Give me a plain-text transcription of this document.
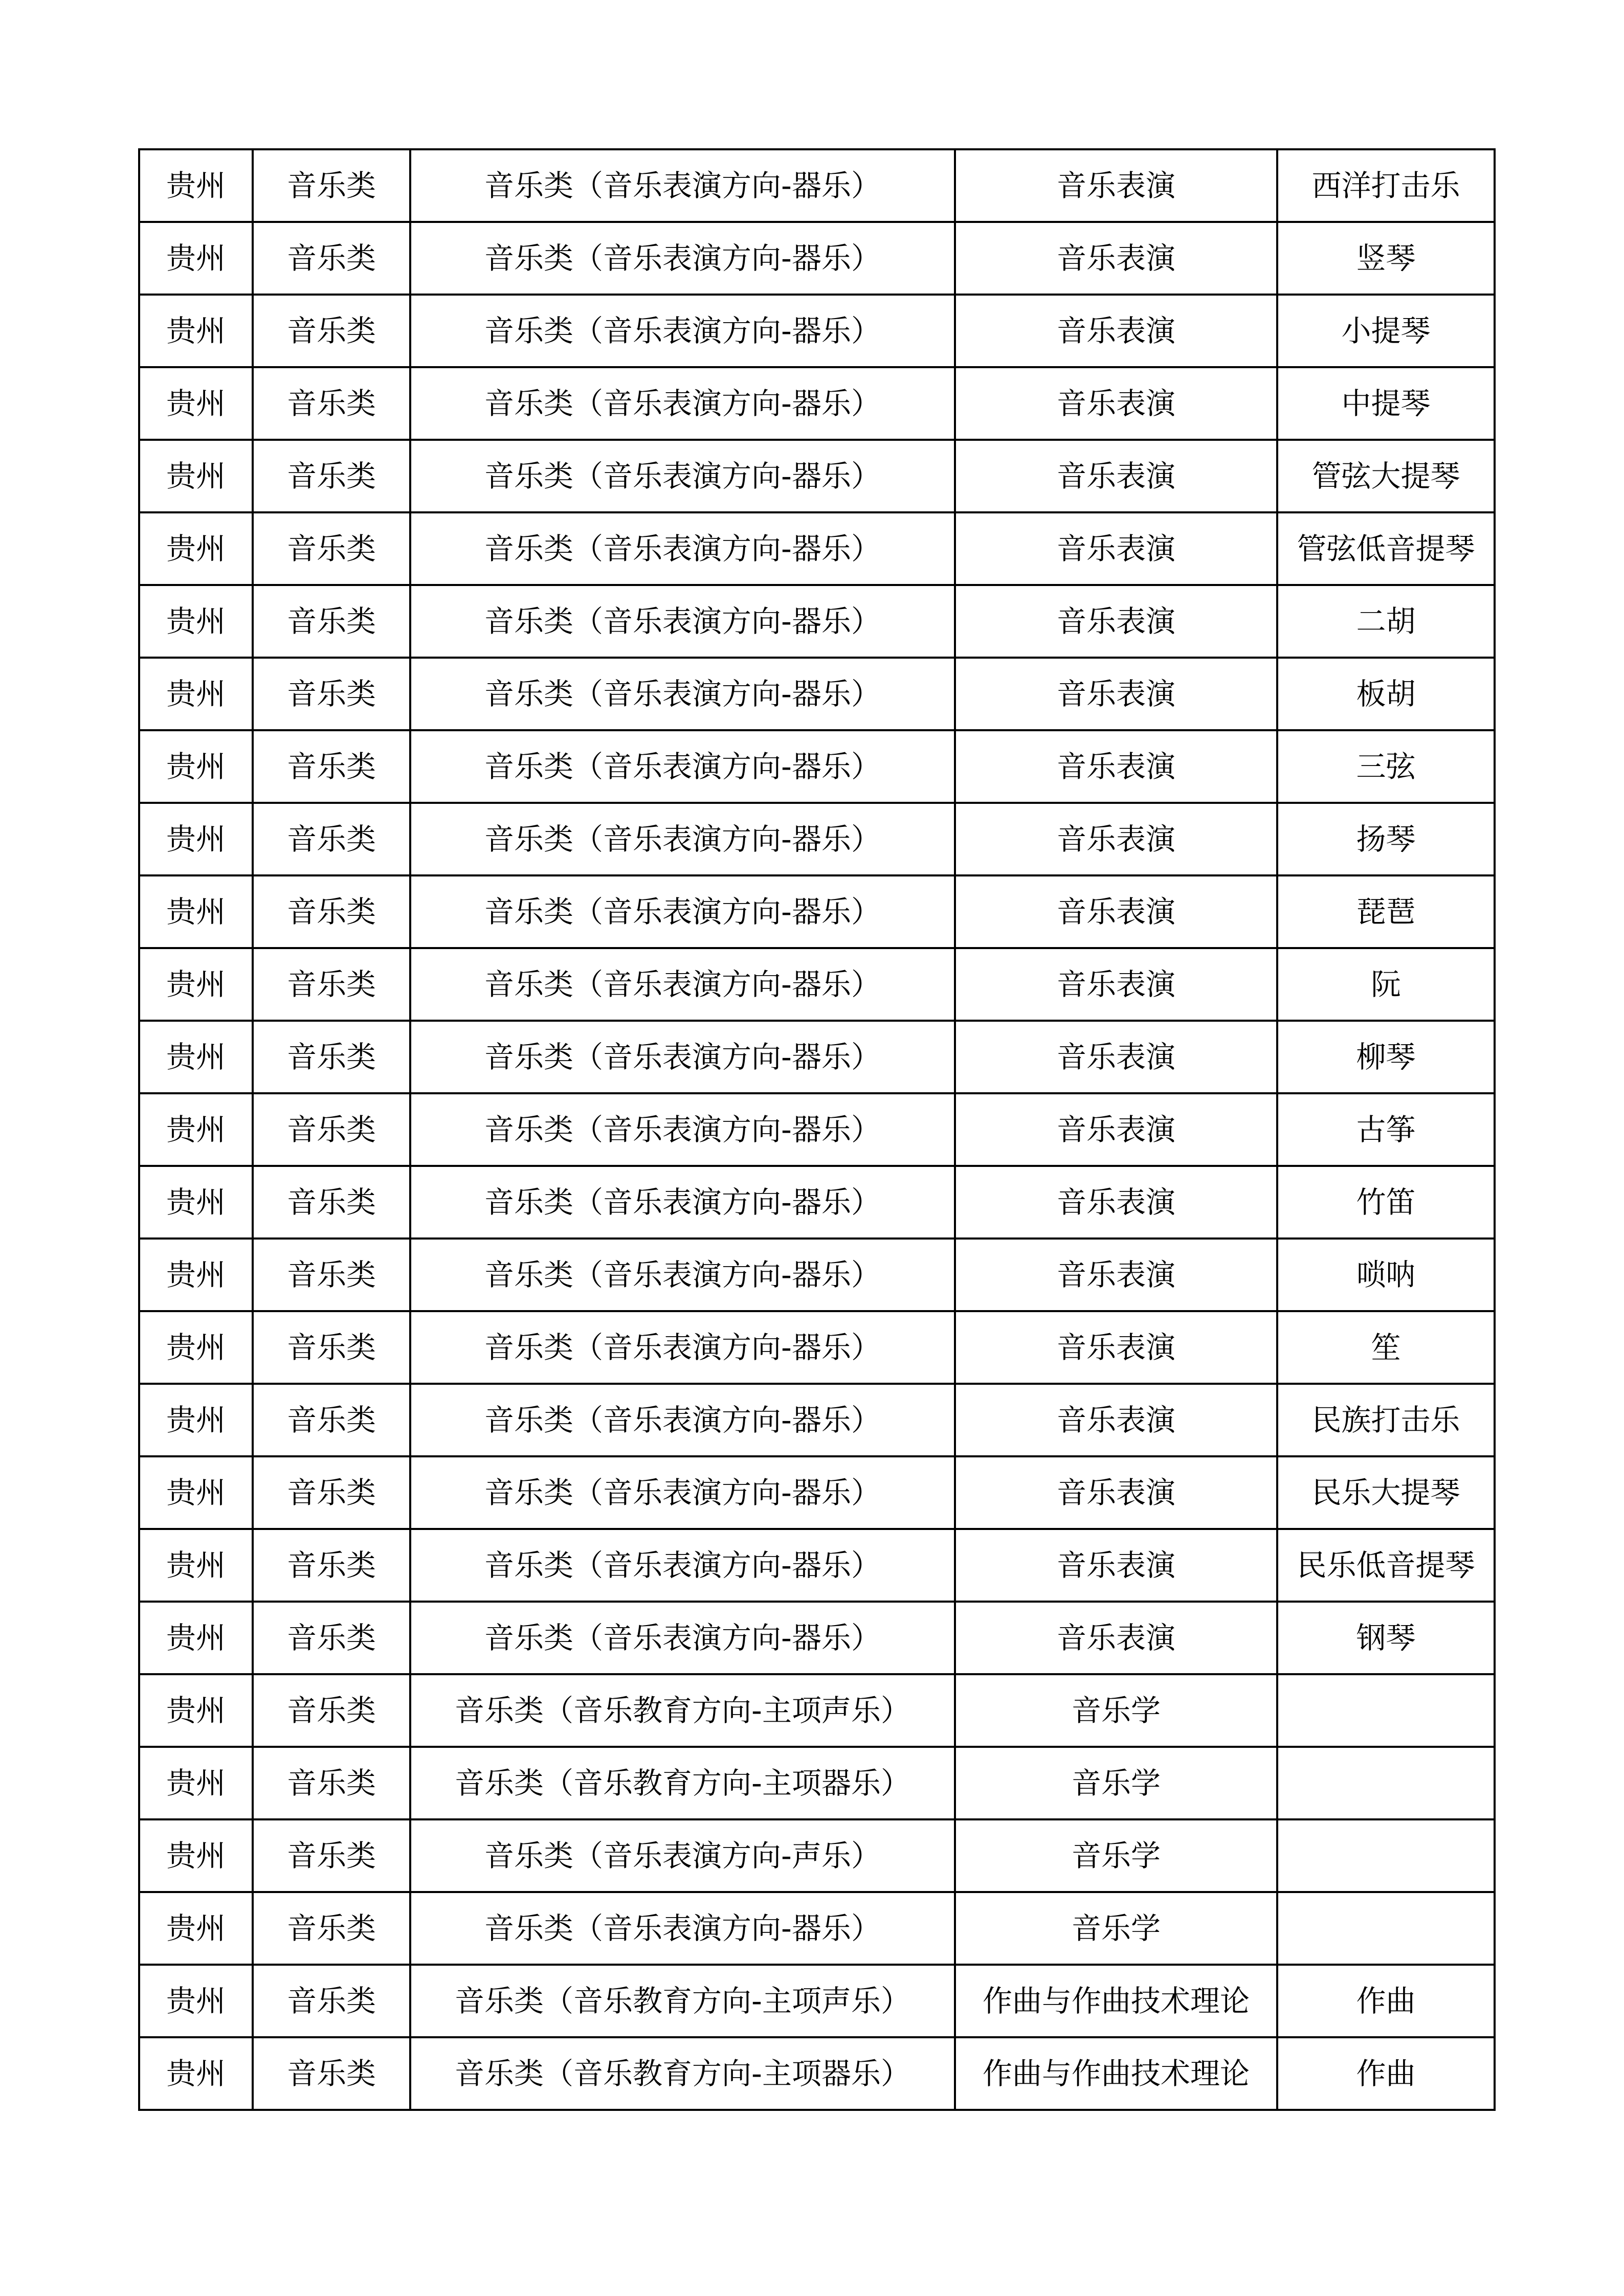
贵州	音乐类	音乐类（音乐表演方向-器乐）	音乐表演	西洋打击乐
贵州	音乐类	音乐类（音乐表演方向-器乐）	音乐表演	竖琴
贵州	音乐类	音乐类（音乐表演方向-器乐）	音乐表演	小提琴
贵州	音乐类	音乐类（音乐表演方向-器乐）	音乐表演	中提琴
贵州	音乐类	音乐类（音乐表演方向-器乐）	音乐表演	管弦大提琴
贵州	音乐类	音乐类（音乐表演方向-器乐）	音乐表演	管弦低音提琴
贵州	音乐类	音乐类（音乐表演方向-器乐）	音乐表演	二胡
贵州	音乐类	音乐类（音乐表演方向-器乐）	音乐表演	板胡
贵州	音乐类	音乐类（音乐表演方向-器乐）	音乐表演	三弦
贵州	音乐类	音乐类（音乐表演方向-器乐）	音乐表演	扬琴
贵州	音乐类	音乐类（音乐表演方向-器乐）	音乐表演	琵琶
贵州	音乐类	音乐类（音乐表演方向-器乐）	音乐表演	阮
贵州	音乐类	音乐类（音乐表演方向-器乐）	音乐表演	柳琴
贵州	音乐类	音乐类（音乐表演方向-器乐）	音乐表演	古筝
贵州	音乐类	音乐类（音乐表演方向-器乐）	音乐表演	竹笛
贵州	音乐类	音乐类（音乐表演方向-器乐）	音乐表演	唢呐
贵州	音乐类	音乐类（音乐表演方向-器乐）	音乐表演	笙
贵州	音乐类	音乐类（音乐表演方向-器乐）	音乐表演	民族打击乐
贵州	音乐类	音乐类（音乐表演方向-器乐）	音乐表演	民乐大提琴
贵州	音乐类	音乐类（音乐表演方向-器乐）	音乐表演	民乐低音提琴
贵州	音乐类	音乐类（音乐表演方向-器乐）	音乐表演	钢琴
贵州	音乐类	音乐类（音乐教育方向-主项声乐）	音乐学	
贵州	音乐类	音乐类（音乐教育方向-主项器乐）	音乐学	
贵州	音乐类	音乐类（音乐表演方向-声乐）	音乐学	
贵州	音乐类	音乐类（音乐表演方向-器乐）	音乐学	
贵州	音乐类	音乐类（音乐教育方向-主项声乐）	作曲与作曲技术理论	作曲
贵州	音乐类	音乐类（音乐教育方向-主项器乐）	作曲与作曲技术理论	作曲
